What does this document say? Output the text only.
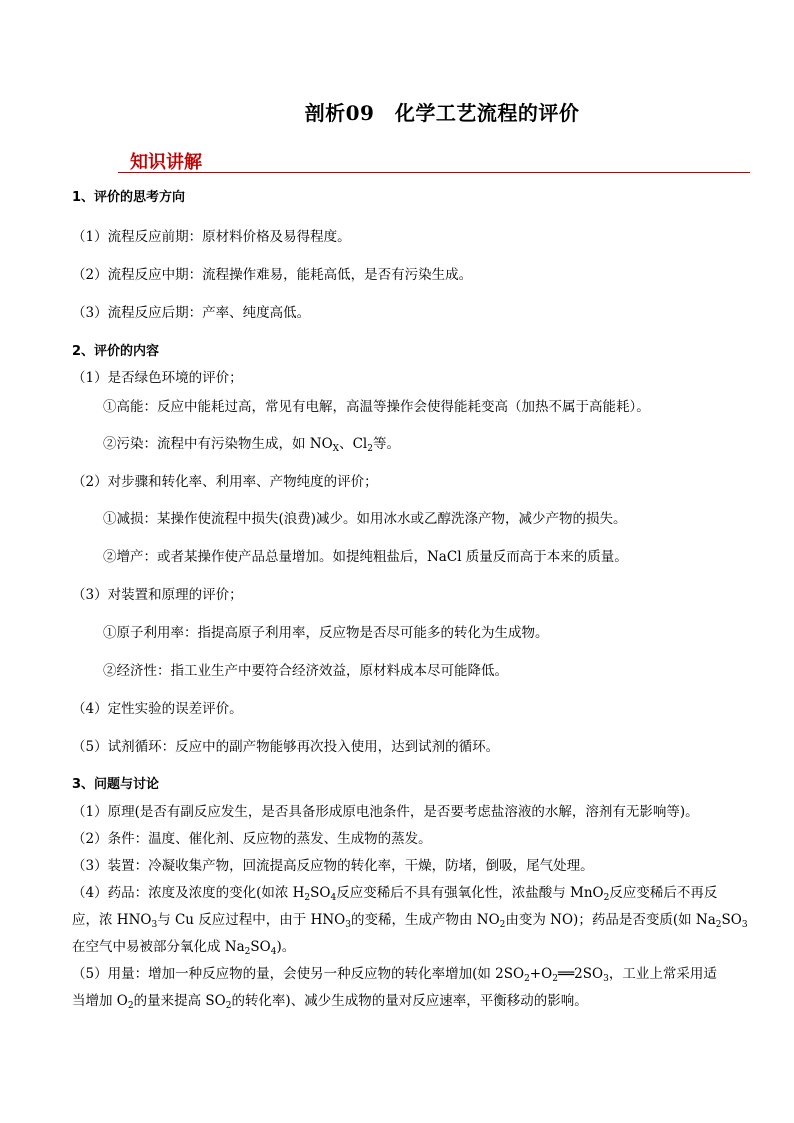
剖析09　化学工艺流程的评价
知识讲解
1、评价的思考方向
（1）流程反应前期：原材料价格及易得程度。
（2）流程反应中期：流程操作难易，能耗高低，是否有污染生成。
（3）流程反应后期：产率、纯度高低。
2、评价的内容
（1）是否绿色环境的评价；
①高能：反应中能耗过高，常见有电解，高温等操作会使得能耗变高（加热不属于高能耗）。
②污染：流程中有污染物生成，如 $NO_X$、$Cl_2$等。
（2）对步骤和转化率、利用率、产物纯度的评价；
①减损：某操作使流程中损失(浪费)减少。如用冰水或乙醇洗涤产物，减少产物的损失。
②增产：或者某操作使产品总量增加。如提纯粗盐后，NaCl 质量反而高于本来的质量。
（3）对装置和原理的评价；
①原子利用率：指提高原子利用率，反应物是否尽可能多的转化为生成物。
②经济性：指工业生产中要符合经济效益，原材料成本尽可能降低。
（4）定性实验的误差评价。
（5）试剂循环：反应中的副产物能够再次投入使用，达到试剂的循环。
3、问题与讨论
（1）原理(是否有副反应发生，是否具备形成原电池条件，是否要考虑盐溶液的水解，溶剂有无影响等)。
（2）条件：温度、催化剂、反应物的蒸发、生成物的蒸发。
（3）装置：冷凝收集产物，回流提高反应物的转化率，干燥，防堵，倒吸，尾气处理。
（4）药品：浓度及浓度的变化(如浓 $H_2SO_4$反应变稀后不具有强氧化性，浓盐酸与 MnO$_2$反应变稀后不再反
应，浓 $HNO_3$与 Cu 反应过程中，由于 $HNO_3$的变稀，生成产物由 $NO_2$由变为 NO)；药品是否变质(如 $Na_2SO_3$
在空气中易被部分氧化成 $Na_2SO_4$)。
（5）用量：增加一种反应物的量，会使另一种反应物的转化率增加(如 $2SO_2+O_2══2SO_3$，工业上常采用适
当增加 $O_2$的量来提高 $SO_2$的转化率)、减少生成物的量对反应速率，平衡移动的影响。
